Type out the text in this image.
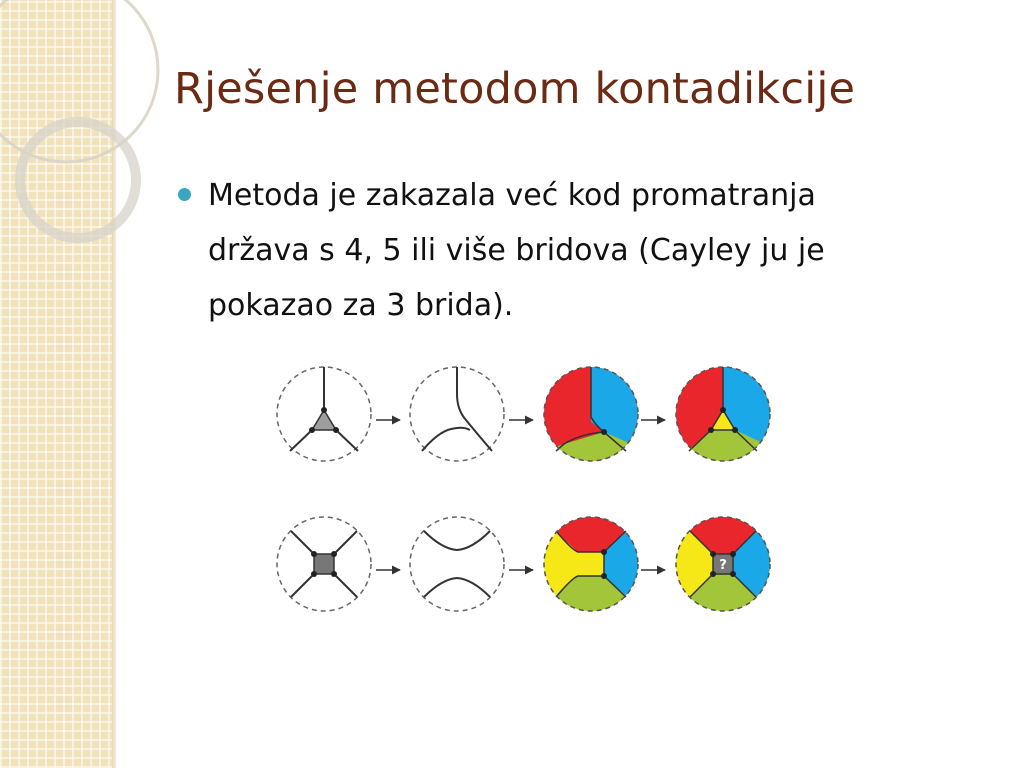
Rješenje metodom kontadikcije
Metoda je zakazala već kod promatranja
država s 4, 5 ili više bridova (Cayley ju je
pokazao za 3 brida).
?
